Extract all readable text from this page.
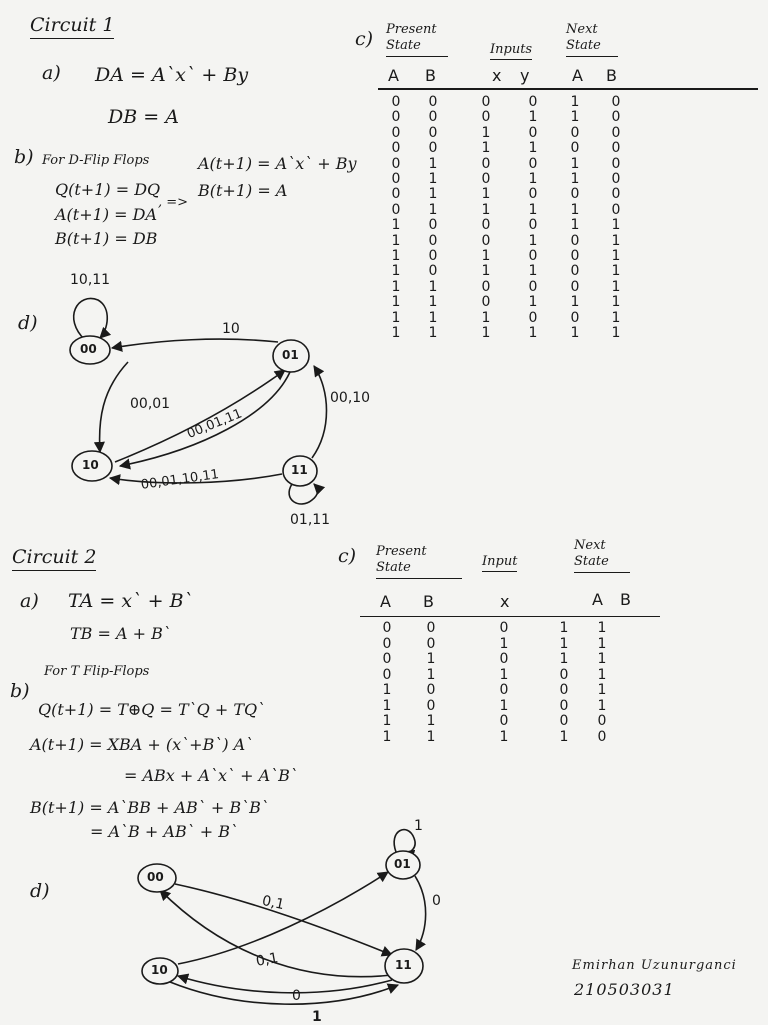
Circuit 1
a) DA = A`x` + By
DB = A
b) For D-Flip Flops
Q(t+1) = DQ
A(t+1) = DA
B(t+1) = DB
, =>
A(t+1) = A`x` + By
B(t+1) = A
c) Present State	Inputs
Next State
A B	x y	A B
0	0	0	0	1	0
0	0	0	1	1	0
0	0	1	0	0	0
0	0	1	1	0	0
0	1	0	0	1	0
0	1	0	1	1	0
0	1	1	0	0	0
0	1	1	1	1	0
1	0	0	0	1	1
1	0	0	1	0	1
1	0	1	0	0	1
1	0	1	1	0	1
1	1	0	0	0	1
1	1	0	1	1	1
1	1	1	0	0	1
1	1	1	1	1	1
d)
10,11
10
00,01
00,01,11
00,01,10,11
00,10
01,11
00	01
10	11
Circuit 2
a) TA = x` + B`
TB = A + B`
b)
For T Flip-Flops
Q(t+1) = T⊕Q = T`Q + TQ`
A(t+1) = XBA + (x`+B`) A`
= ABx + A`x` + A`B`
B(t+1) = A`BB + AB` + B`B`
= A`B + AB` + B`
c) Present State	Input
Next State
A B	x	A B
0	0	0	1	1
0	0	1	1	1
0	1	0	1	1
0	1	1	0	1
1	0	0	0	1
1	0	1	0	1
1	1	0	0	0
1	1	1	1	0
d)
00
01
10	11
0,1
0,1
1
0
0
1
Emirhan Uzunurganci
210503031
